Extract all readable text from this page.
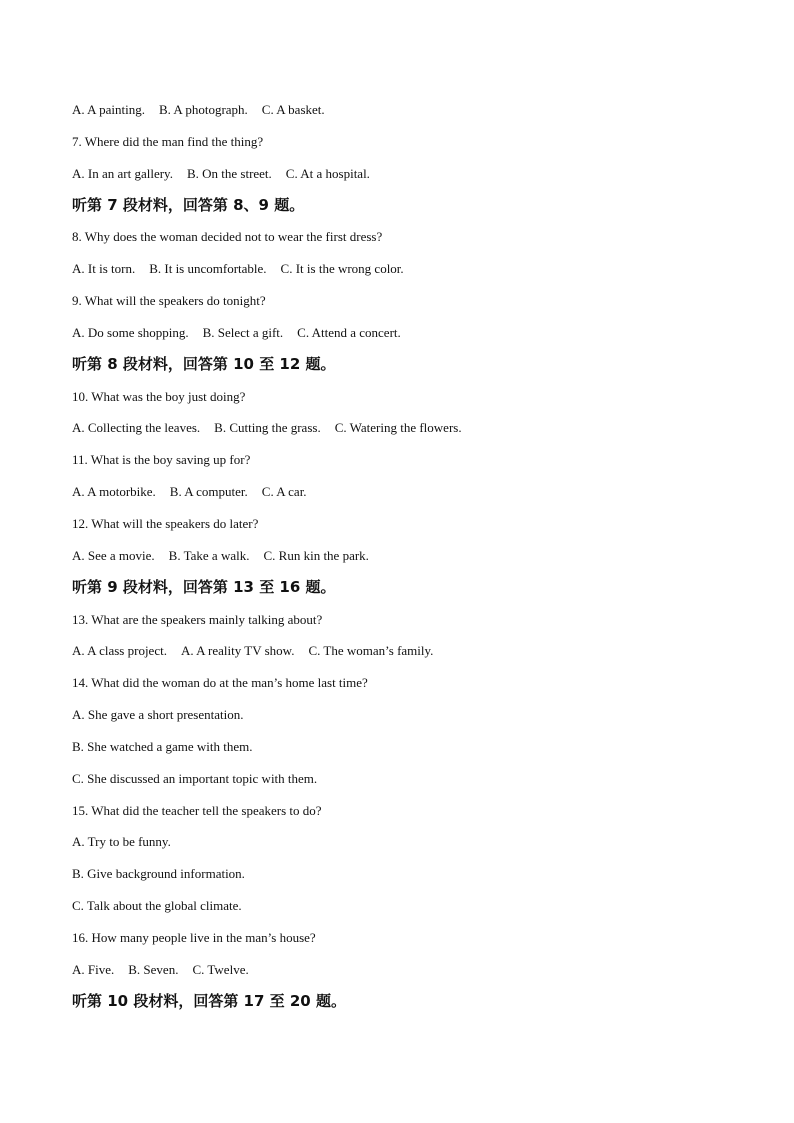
A. A painting. B. A photograph. C. A basket.
7. Where did the man find the thing?
A. In an art gallery. B. On the street. C. At a hospital.
听第 7 段材料，回答第 8、9 题。
8. Why does the woman decided not to wear the first dress?
A. It is torn. B. It is uncomfortable. C. It is the wrong color.
9. What will the speakers do tonight?
A. Do some shopping. B. Select a gift. C. Attend a concert.
听第 8 段材料，回答第 10 至 12 题。
10. What was the boy just doing?
A. Collecting the leaves. B. Cutting the grass. C. Watering the flowers.
11. What is the boy saving up for?
A. A motorbike. B. A computer. C. A car.
12. What will the speakers do later?
A. See a movie. B. Take a walk. C. Run kin the park.
听第 9 段材料，回答第 13 至 16 题。
13. What are the speakers mainly talking about?
A. A class project. A. A reality TV show. C. The woman’s family.
14. What did the woman do at the man’s home last time?
A. She gave a short presentation.
B. She watched a game with them.
C. She discussed an important topic with them.
15. What did the teacher tell the speakers to do?
A. Try to be funny.
B. Give background information.
C. Talk about the global climate.
16. How many people live in the man’s house?
A. Five. B. Seven. C. Twelve.
听第 10 段材料，回答第 17 至 20 题。
